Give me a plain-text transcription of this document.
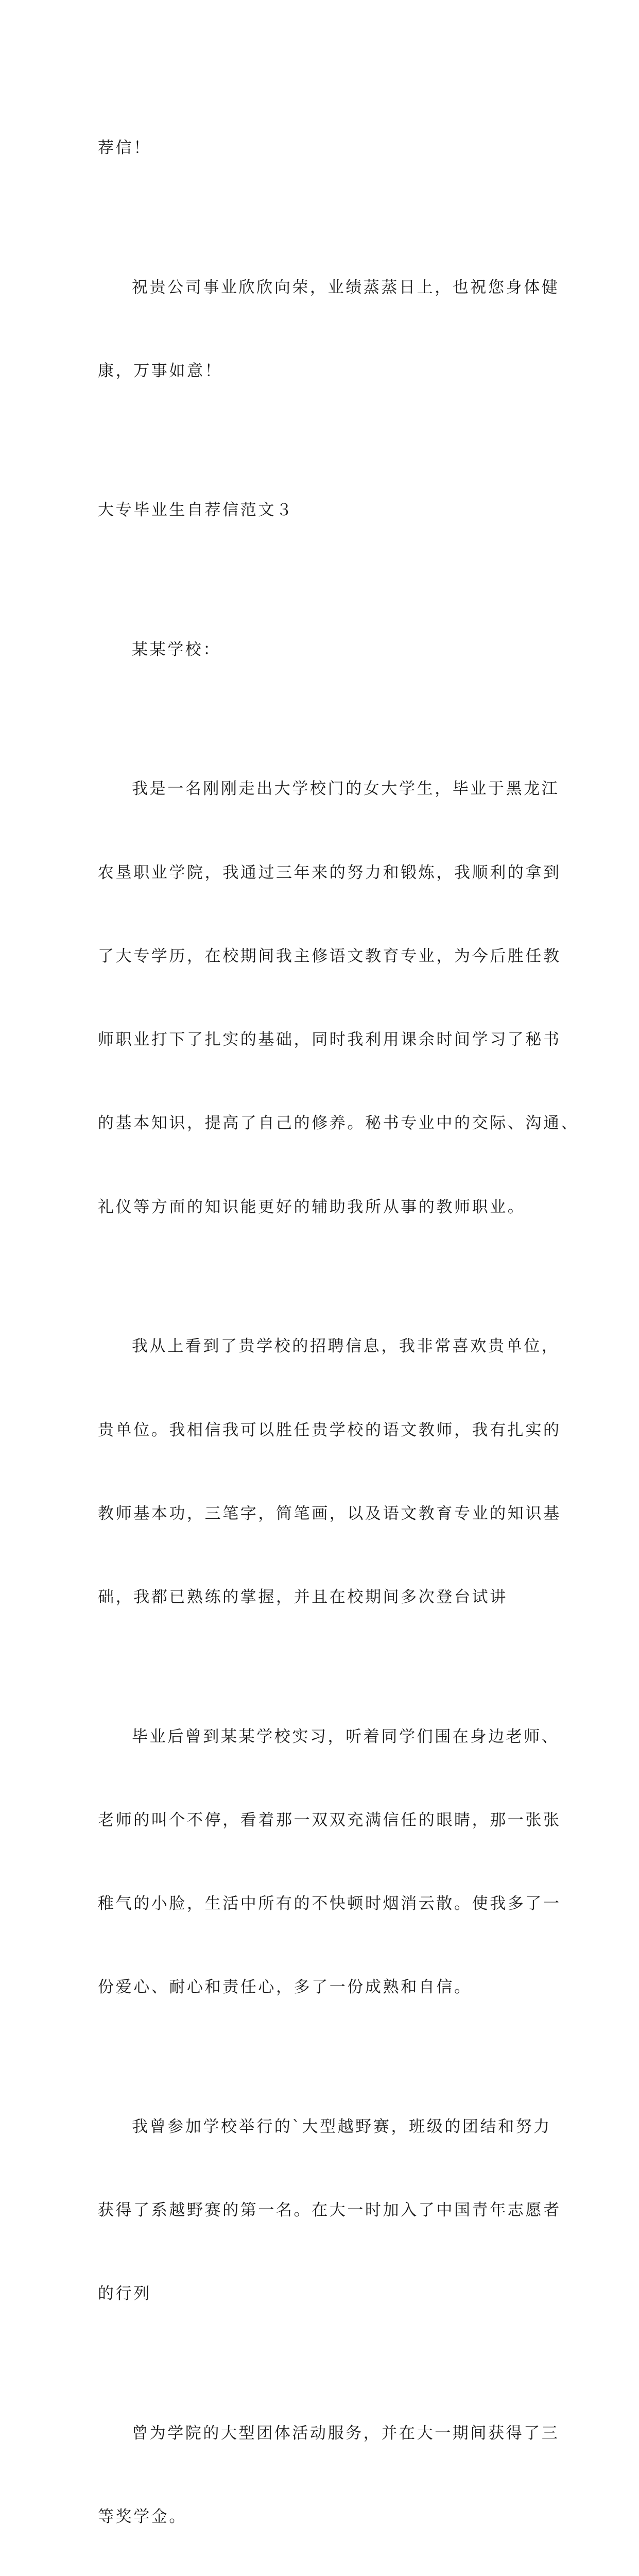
荐信！

祝贵公司事业欣欣向荣，业绩蒸蒸日上，也祝您身体健

康，万事如意！

大专毕业生自荐信范文３

某某学校：

我是一名刚刚走出大学校门的女大学生，毕业于黑龙江

农垦职业学院，我通过三年来的努力和锻炼，我顺利的拿到

了大专学历，在校期间我主修语文教育专业，为今后胜任教

师职业打下了扎实的基础，同时我利用课余时间学习了秘书

的基本知识，提高了自己的修养。秘书专业中的交际、沟通、

礼仪等方面的知识能更好的辅助我所从事的教师职业。

我从上看到了贵学校的招聘信息，我非常喜欢贵单位，

贵单位。我相信我可以胜任贵学校的语文教师，我有扎实的

教师基本功，三笔字，简笔画，以及语文教育专业的知识基

础，我都已熟练的掌握，并且在校期间多次登台试讲

毕业后曾到某某学校实习，听着同学们围在身边老师、

老师的叫个不停，看着那一双双充满信任的眼睛，那一张张

稚气的小脸，生活中所有的不快顿时烟消云散。使我多了一

份爱心、耐心和责任心，多了一份成熟和自信。

我曾参加学校举行的`大型越野赛，班级的团结和努力

获得了系越野赛的第一名。在大一时加入了中国青年志愿者

的行列

曾为学院的大型团体活动服务，并在大一期间获得了三

等奖学金。
